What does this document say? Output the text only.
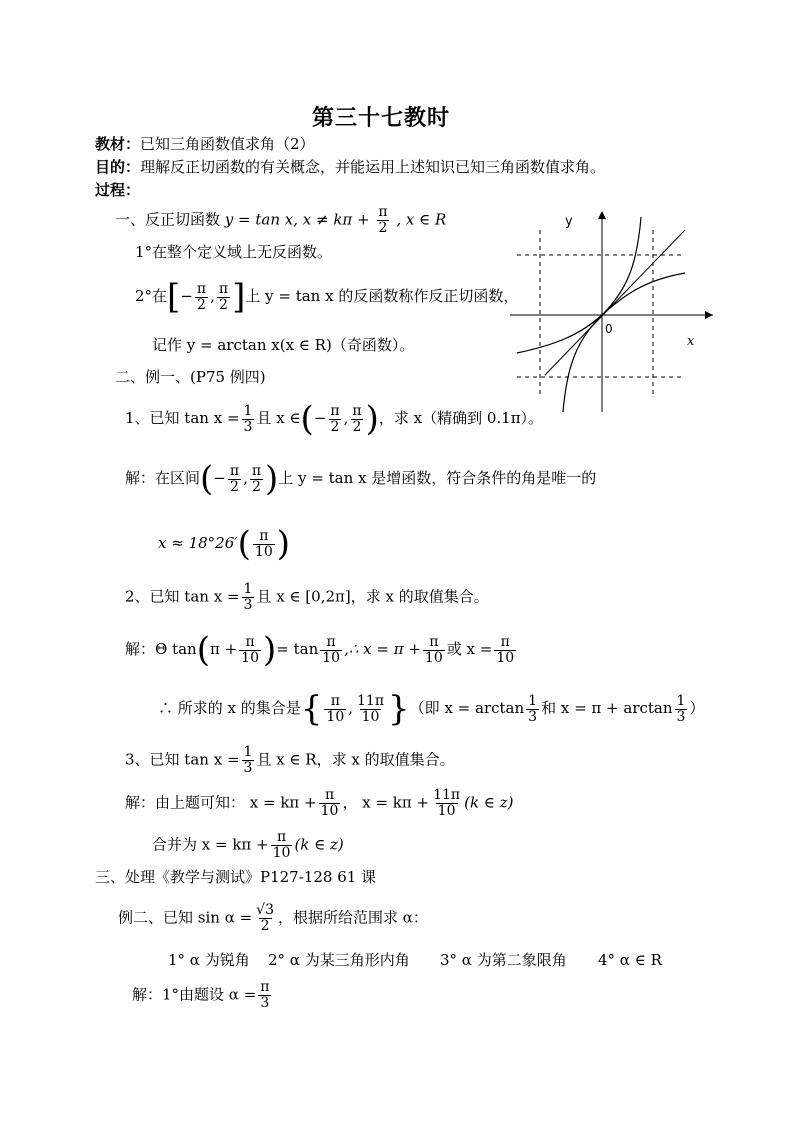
第三十七教时
教材：已知三角函数值求角（2）
目的：理解反正切函数的有关概念，并能运用上述知识已知三角函数值求角。
过程：
一、反正切函数 y = tan x, $x \ne k\pi + \frac{\pi}{2}$ , x ∈ R
1°在整个定义域上无反函数。
2°在[− $\frac{\pi}{2}$ , $\frac{\pi}{2}$ ]上 y = tan x 的反函数称作反正切函数，
记作 y = arctan x(x ∈ R)（奇函数）。
y
x
0
二、例一、(P75 例四)
1、已知 $\tan x = \frac{1}{3}$ 且 x ∈(− $\frac{\pi}{2}$ , $\frac{\pi}{2}$ )，求 x（精确到 0.1π）。
解：在区间(− $\frac{\pi}{2}$ , $\frac{\pi}{2}$ )上 y = tan x 是增函数，符合条件的角是唯一的
$x \approx 18^\circ 26'( \frac{\pi}{10}$ )
2、已知 $\tan x = \frac{1}{3}$ 且 x ∈ [0,2π]，求 x 的取值集合。
解：Θ $\tan(\pi + \frac{\pi}{10}$ )= $\tan \frac{\pi}{10}$ ,∴ $x = \pi + \frac{\pi}{10}$ 或 $x = \frac{\pi}{10}$
∴ 所求的 x 的集合是{ $\frac{\pi}{10}$ , $\frac{11\pi}{10}$ }（即 $x = \arctan \frac{1}{3}$ 和 $x = \pi + \arctan \frac{1}{3}$ ）
3、已知 $\tan x = \frac{1}{3}$ 且 x ∈ R，求 x 的取值集合。
解：由上题可知： $x = k\pi + \frac{\pi}{10}$ ， $x = k\pi + \frac{11\pi}{10} (k$ ∈ z)
合并为 $x = k\pi + \frac{\pi}{10} (k$ ∈ z)
三、处理《教学与测试》P127-128 61 课
例二、已知 $\sin \alpha = \frac{√3}{2}$ ，根据所给范围求 α：
1° α 为锐角 2° α 为某三角形内角 3° α 为第二象限角 4° α ∈ R
解：1°由题设 $\alpha = \frac{\pi}{3}$
